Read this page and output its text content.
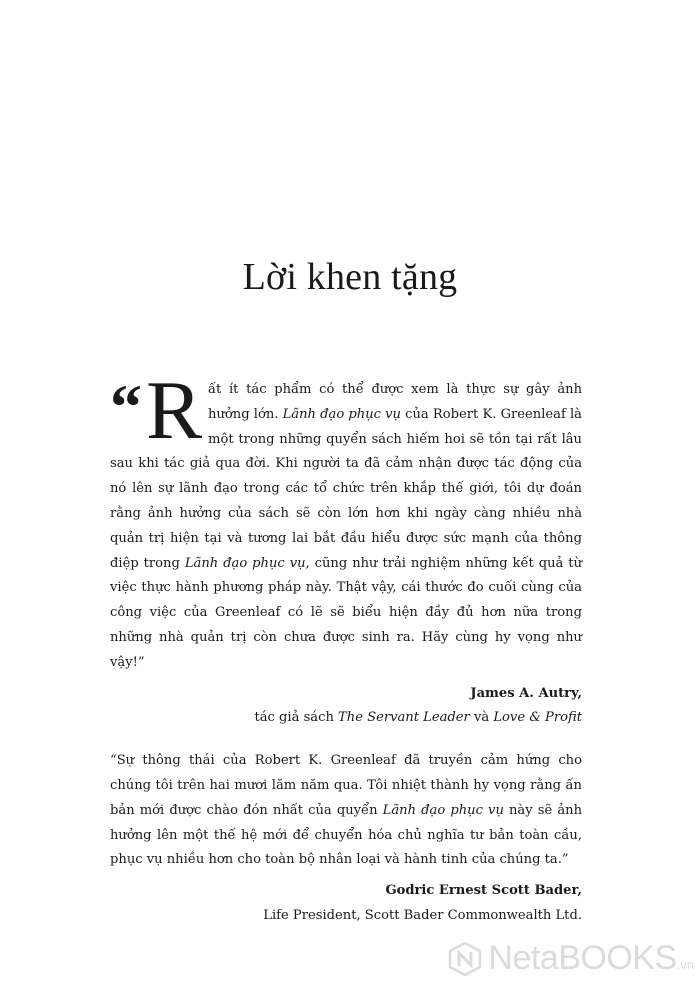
Lời khen tặng

“ R ất ít tác phẩm có thể được xem là thực sự gây ảnh hưởng lớn. Lãnh đạo phục vụ của Robert K. Greenleaf là một trong những quyển sách hiếm hoi sẽ tồn tại rất lâu sau khi tác giả qua đời. Khi người ta đã cảm nhận được tác động của nó lên sự lãnh đạo trong các tổ chức trên khắp thế giới, tôi dự đoán rằng ảnh hưởng của sách sẽ còn lớn hơn khi ngày càng nhiều nhà quản trị hiện tại và tương lai bắt đầu hiểu được sức mạnh của thông điệp trong Lãnh đạo phục vụ, cũng như trải nghiệm những kết quả từ việc thực hành phương pháp này. Thật vậy, cái thước đo cuối cùng của công việc của Greenleaf có lẽ sẽ biểu hiện đầy đủ hơn nữa trong những nhà quản trị còn chưa được sinh ra. Hãy cùng hy vọng như vậy!”

James A. Autry,
tác giả sách The Servant Leader và Love & Profit

“Sự thông thái của Robert K. Greenleaf đã truyền cảm hứng cho chúng tôi trên hai mươi lăm năm qua. Tôi nhiệt thành hy vọng rằng ấn bản mới được chào đón nhất của quyển Lãnh đạo phục vụ này sẽ ảnh hưởng lên một thế hệ mới để chuyển hóa chủ nghĩa tư bản toàn cầu, phục vụ nhiều hơn cho toàn bộ nhân loại và hành tinh của chúng ta.”

Godric Ernest Scott Bader,
Life President, Scott Bader Commonwealth Ltd.
NetaBOOKS .vn
